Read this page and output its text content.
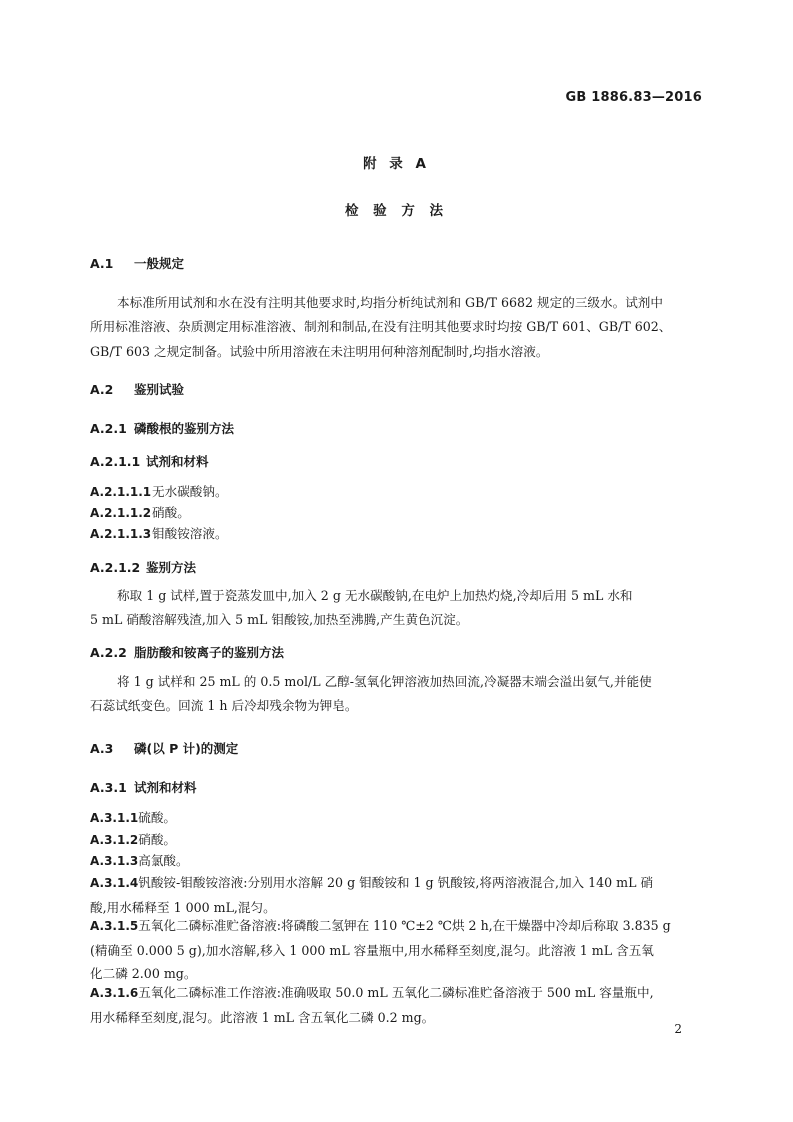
GB 1886.83—2016
附 录 A
检 验 方 法
A.1 一般规定
本标准所用试剂和水在没有注明其他要求时,均指分析纯试剂和 GB/T 6682 规定的三级水。试剂中
所用标准溶液、杂质测定用标准溶液、制剂和制品,在没有注明其他要求时均按 GB/T 601、GB/T 602、
GB/T 603 之规定制备。试验中所用溶液在未注明用何种溶剂配制时,均指水溶液。
A.2 鉴别试验
A.2.1 磷酸根的鉴别方法
A.2.1.1 试剂和材料
A.2.1.1.1无水碳酸钠。
A.2.1.1.2硝酸。
A.2.1.1.3钼酸铵溶液。
A.2.1.2 鉴别方法
称取 1 g 试样,置于瓷蒸发皿中,加入 2 g 无水碳酸钠,在电炉上加热灼烧,冷却后用 5 mL 水和
5 mL 硝酸溶解残渣,加入 5 mL 钼酸铵,加热至沸腾,产生黄色沉淀。
A.2.2 脂肪酸和铵离子的鉴别方法
将 1 g 试样和 25 mL 的 0.5 mol/L 乙醇-氢氧化钾溶液加热回流,冷凝器末端会溢出氨气,并能使
石蕊试纸变色。回流 1 h 后冷却残余物为钾皂。
A.3 磷(以 P 计)的测定
A.3.1 试剂和材料
A.3.1.1硫酸。
A.3.1.2硝酸。
A.3.1.3高氯酸。
A.3.1.4钒酸铵-钼酸铵溶液:分别用水溶解 20 g 钼酸铵和 1 g 钒酸铵,将两溶液混合,加入 140 mL 硝
酸,用水稀释至 1 000 mL,混匀。
A.3.1.5五氧化二磷标准贮备溶液:将磷酸二氢钾在 110 ℃±2 ℃烘 2 h,在干燥器中冷却后称取 3.835 g
(精确至 0.000 5 g),加水溶解,移入 1 000 mL 容量瓶中,用水稀释至刻度,混匀。此溶液 1 mL 含五氧
化二磷 2.00 mg。
A.3.1.6五氧化二磷标准工作溶液:准确吸取 50.0 mL 五氧化二磷标准贮备溶液于 500 mL 容量瓶中,
用水稀释至刻度,混匀。此溶液 1 mL 含五氧化二磷 0.2 mg。
2
